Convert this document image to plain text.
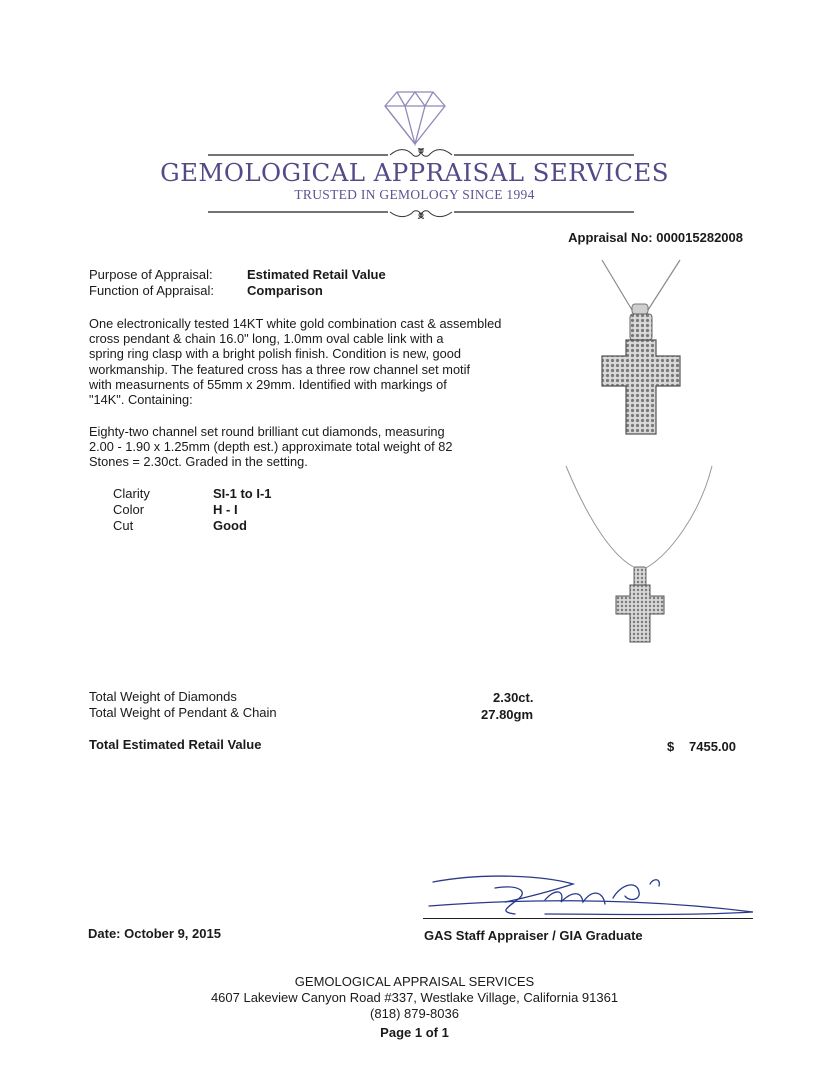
GEMOLOGICAL APPRAISAL SERVICES
TRUSTED IN GEMOLOGY SINCE 1994
Appraisal No: 000015282008
Purpose of Appraisal:	Estimated Retail Value
Function of Appraisal:	Comparison
One electronically tested 14KT white gold combination cast & assembled
cross pendant & chain 16.0" long, 1.0mm oval cable link with a
spring ring clasp with a bright polish finish. Condition is new, good
workmanship. The featured cross has a three row channel set motif
with measurnents of 55mm x 29mm. Identified with markings of
"14K". Containing:
Eighty-two channel set round brilliant cut diamonds, measuring
2.00 - 1.90 x 1.25mm (depth est.) approximate total weight of 82
Stones = 2.30ct. Graded in the setting.
Clarity	SI-1 to I-1
Color	H - I
Cut	Good
Total Weight of Diamonds	2.30ct.
Total Weight of Pendant & Chain	27.80gm
Total Estimated Retail Value	$ 7455.00
Date: October 9, 2015	GAS Staff Appraiser / GIA Graduate
GEMOLOGICAL APPRAISAL SERVICES
4607 Lakeview Canyon Road #337, Westlake Village, California 91361
(818) 879-8036
Page 1 of 1
